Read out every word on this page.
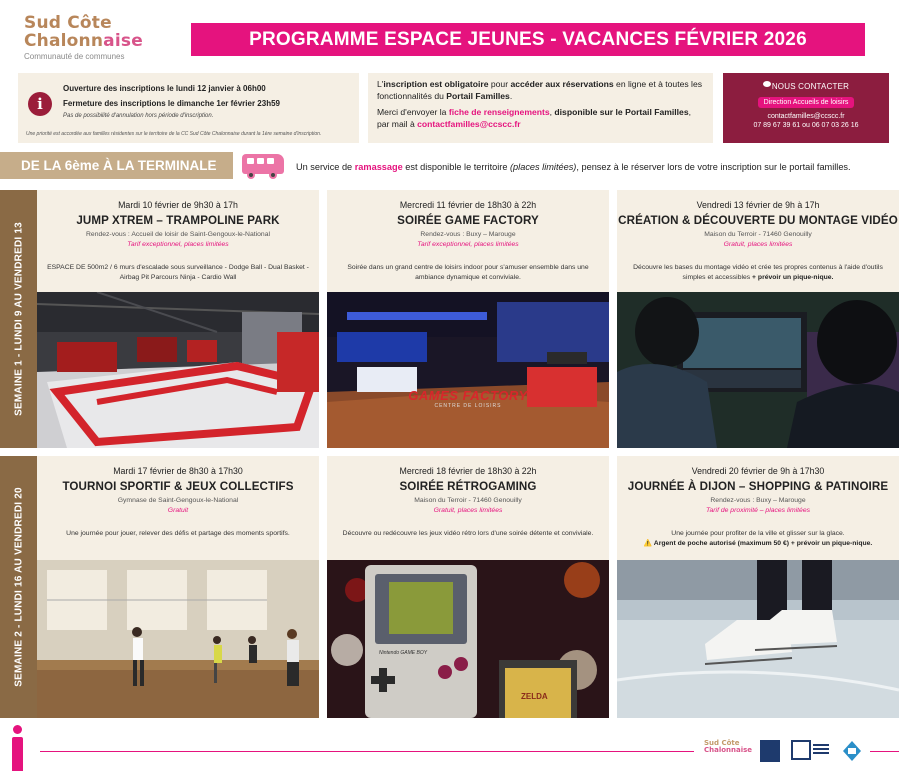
Sud Côte
Chalonnaise
Communauté de communes
PROGRAMME ESPACE JEUNES - VACANCES FÉVRIER 2026
i
Ouverture des inscriptions le lundi 12 janvier à 06h00
Fermeture des inscriptions le dimanche 1er février 23h59
Pas de possibilité d'annulation hors période d'inscription.
Une priorité est accordée aux familles résidentes sur le territoire de la CC Sud Côte Chalonnaise durant la 1ère semaine d'inscription.

L'inscription est obligatoire pour accéder aux réservations en ligne et à toutes les fonctionnalités du Portail Familles.

Merci d'envoyer la fiche de renseignements, disponible sur le Portail Familles, par mail à contactfamilles@ccscc.fr

NOUS CONTACTER
Direction Accueils de loisirs
contactfamilles@ccscc.fr
07 89 67 39 61 ou 06 07 03 26 16
DE LA 6ème À LA TERMINALE	Un service de ramassage est disponible le territoire (places limitées), pensez à le réserver lors de votre inscription sur le portail familles.
SEMAINE 1 - LUNDI 9 AU VENDREDI 13
SEMAINE 2 - LUNDI 16 AU VENDREDI 20
Mardi 10 février de 9h30 à 17h
JUMP XTREM – TRAMPOLINE PARK
Rendez-vous : Accueil de loisir de Saint-Gengoux-le-National
Tarif exceptionnel, places limitées
ESPACE DE 500m2 / 6 murs d'escalade sous surveillance - Dodge Ball - Dual Basket - Airbag Pit Parcours Ninja - Cardio Wall
Mercredi 11 février de 18h30 à 22h
SOIRÉE GAME FACTORY
Rendez-vous : Buxy – Marouge
Tarif exceptionnel, places limitées
Soirée dans un grand centre de loisirs indoor pour s'amuser ensemble dans une ambiance dynamique et conviviale.
GAMES FACTORY
CENTRE DE LOISIRS
Vendredi 13 février de 9h à 17h
CRÉATION & DÉCOUVERTE DU MONTAGE VIDÉO
Maison du Terroir - 71460 Genouilly
Gratuit, places limitées
Découvre les bases du montage vidéo et crée tes propres contenus à l'aide d'outils simples et accessibles + prévoir un pique-nique.
Mardi 17 février de 8h30 à 17h30
TOURNOI SPORTIF & JEUX COLLECTIFS
Gymnase de Saint-Gengoux-le-National
Gratuit
Une journée pour jouer, relever des défis et partage des moments sportifs.
Mercredi 18 février de 18h30 à 22h
SOIRÉE RÉTROGAMING
Maison du Terroir - 71460 Genouilly
Gratuit, places limitées
Découvre ou redécouvre les jeux vidéo rétro lors d'une soirée détente et conviviale.
Nintendo GAME BOY
ZELDA
Vendredi 20 février de 9h à 17h30
JOURNÉE À DIJON – SHOPPING & PATINOIRE
Rendez-vous : Buxy – Marouge
Tarif de proximité – places limitées
Une journée pour profiter de la ville et glisser sur la glace.
⚠️ Argent de poche autorisé (maximum 50 €) + prévoir un pique-nique.
Sud Côte
Chalonnaise
